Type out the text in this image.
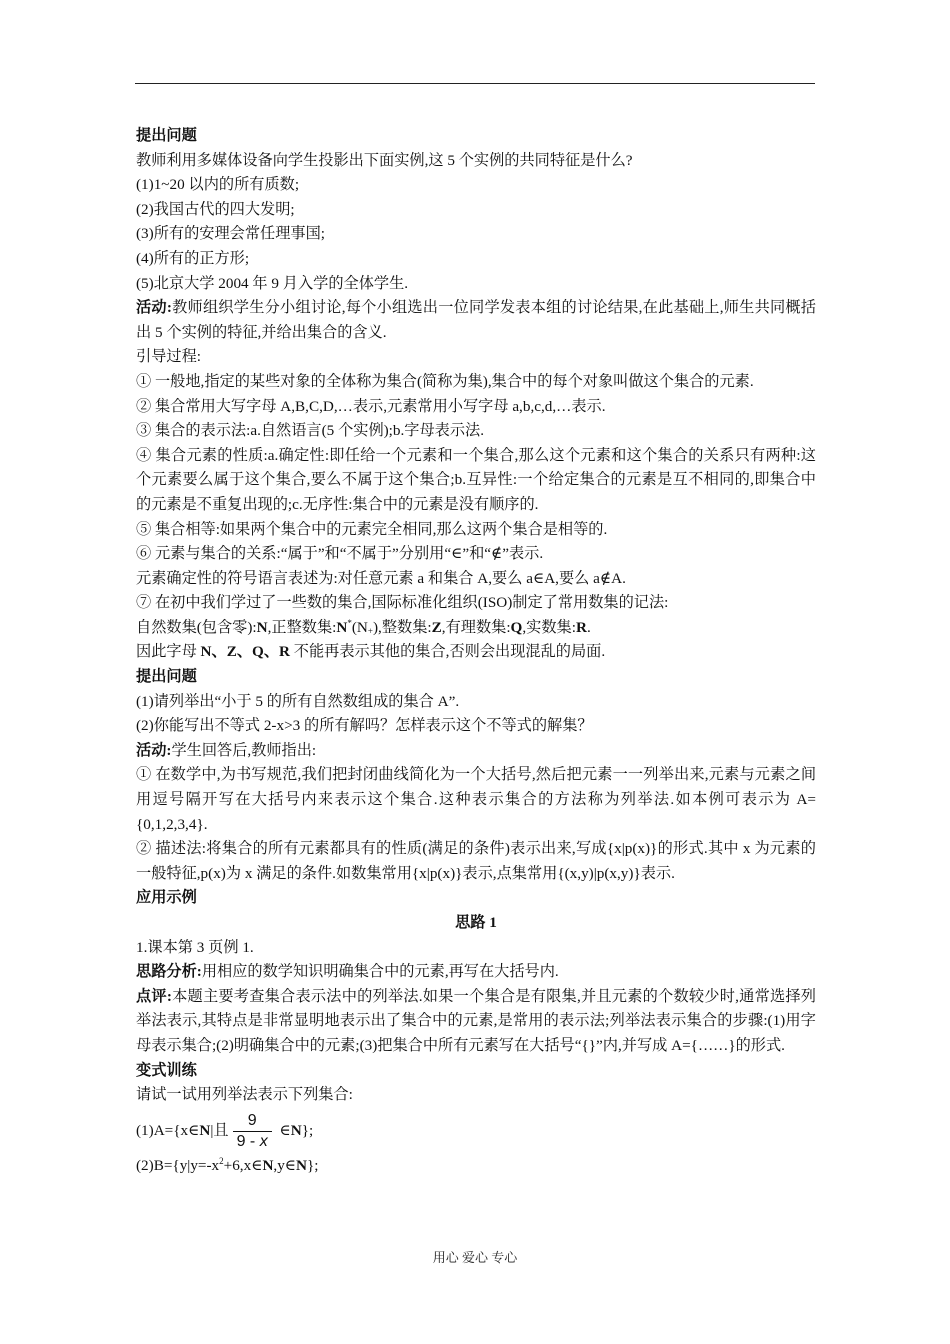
提出问题
教师利用多媒体设备向学生投影出下面实例,这 5 个实例的共同特征是什么?
(1)1~20 以内的所有质数;
(2)我国古代的四大发明;
(3)所有的安理会常任理事国;
(4)所有的正方形;
(5)北京大学 2004 年 9 月入学的全体学生.
活动:教师组织学生分小组讨论,每个小组选出一位同学发表本组的讨论结果,在此基础上,师生共同概括出 5 个实例的特征,并给出集合的含义.
引导过程:
① 一般地,指定的某些对象的全体称为集合(简称为集),集合中的每个对象叫做这个集合的元素.
② 集合常用大写字母 A,B,C,D,…表示,元素常用小写字母 a,b,c,d,…表示.
③ 集合的表示法:a.自然语言(5 个实例);b.字母表示法.
④ 集合元素的性质:a.确定性:即任给一个元素和一个集合,那么这个元素和这个集合的关系只有两种:这个元素要么属于这个集合,要么不属于这个集合;b.互异性:一个给定集合的元素是互不相同的,即集合中的元素是不重复出现的;c.无序性:集合中的元素是没有顺序的.
⑤ 集合相等:如果两个集合中的元素完全相同,那么这两个集合是相等的.
⑥ 元素与集合的关系:“属于”和“不属于”分别用“∈”和“∉”表示.
元素确定性的符号语言表述为:对任意元素 a 和集合 A,要么 a∈A,要么 a∉A.
⑦ 在初中我们学过了一些数的集合,国际标准化组织(ISO)制定了常用数集的记法:
自然数集(包含零):N,正整数集$:N^*(N_+)$,整数集:Z,有理数集:Q,实数集:R.
因此字母 N、Z、Q、R 不能再表示其他的集合,否则会出现混乱的局面.
提出问题
(1)请列举出“小于 5 的所有自然数组成的集合 A”.
(2)你能写出不等式 2-x>3 的所有解吗？怎样表示这个不等式的解集？
活动:学生回答后,教师指出:
① 在数学中,为书写规范,我们把封闭曲线简化为一个大括号,然后把元素一一列举出来,元素与元素之间用逗号隔开写在大括号内来表示这个集合.这种表示集合的方法称为列举法.如本例可表示为 A={0,1,2,3,4}.
② 描述法:将集合的所有元素都具有的性质(满足的条件)表示出来,写成{x|p(x)}的形式.其中 x 为元素的一般特征,p(x)为 x 满足的条件.如数集常用{x|p(x)}表示,点集常用{(x,y)|p(x,y)}表示.
应用示例
思路 1
1.课本第 3 页例 1.
思路分析:用相应的数学知识明确集合中的元素,再写在大括号内.
点评:本题主要考查集合表示法中的列举法.如果一个集合是有限集,并且元素的个数较少时,通常选择列举法表示,其特点是非常显明地表示出了集合中的元素,是常用的表示法;列举法表示集合的步骤:(1)用字母表示集合;(2)明确集合中的元素;(3)把集合中所有元素写在大括号“{}”内,并写成 A={……}的形式.
变式训练
请试一试用列举法表示下列集合:
(1)A={x∈N|且 $\frac{9}{9 - x}$ ∈N};
$(2)B=\{y|y=-x^2+6,x\in N,y\in N\}$;
用心 爱心 专心
